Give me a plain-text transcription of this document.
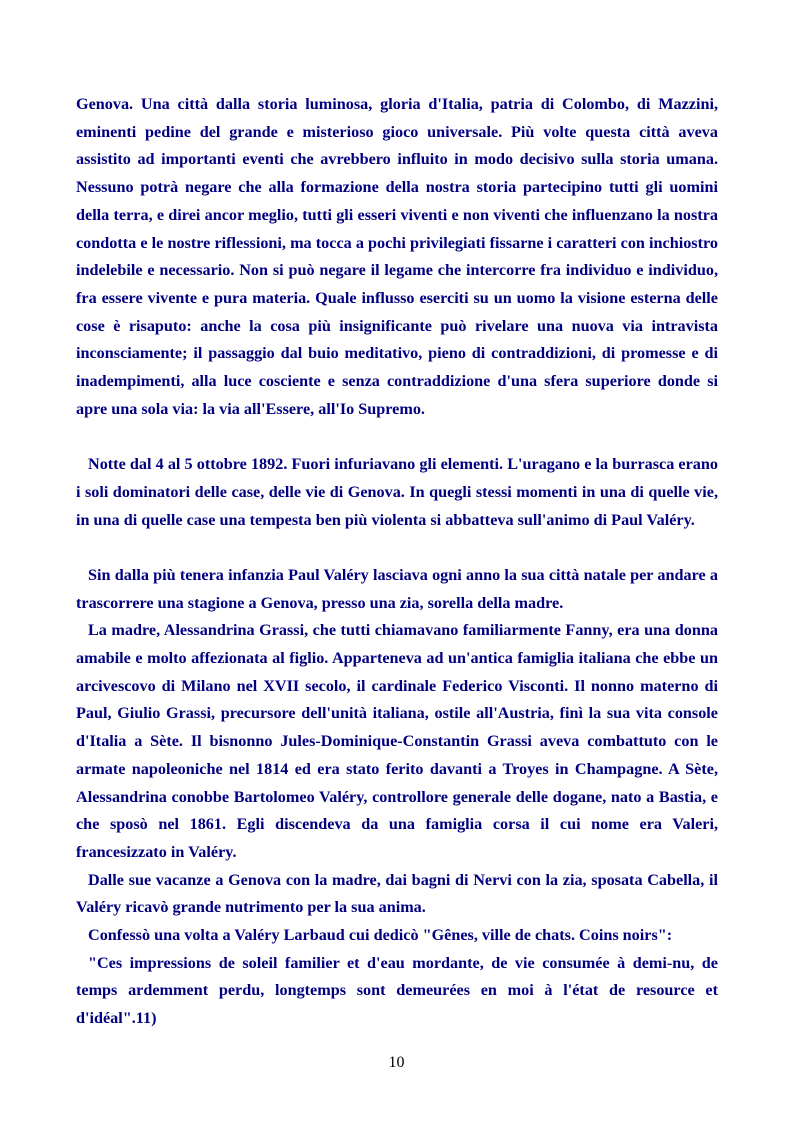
Genova. Una città dalla storia luminosa, gloria d'Italia, patria di Colombo, di Mazzini, eminenti pedine del grande e misterioso gioco universale. Più volte questa città aveva assistito ad importanti eventi che avrebbero influito in modo decisivo sulla storia umana. Nessuno potrà negare che alla formazione della nostra storia partecipino tutti gli uomini della terra, e direi ancor meglio, tutti gli esseri viventi e non viventi che influenzano la nostra condotta e le nostre riflessioni, ma tocca a pochi privilegiati fissarne i caratteri con inchiostro indelebile e necessario. Non si può negare il legame che intercorre fra individuo e individuo, fra essere vivente e pura materia. Quale influsso eserciti su un uomo la visione esterna delle cose è risaputo: anche la cosa più insignificante può rivelare una nuova via intravista inconsciamente; il passaggio dal buio meditativo, pieno di contraddizioni, di promesse e di inadempimenti, alla luce cosciente e senza contraddizione d'una sfera superiore donde si apre una sola via: la via all'Essere, all'Io Supremo.

Notte dal 4 al 5 ottobre 1892. Fuori infuriavano gli elementi. L'uragano e la burrasca erano i soli dominatori delle case, delle vie di Genova. In quegli stessi momenti in una di quelle vie, in una di quelle case una tempesta ben più violenta si abbatteva sull'animo di Paul Valéry.

Sin dalla più tenera infanzia Paul Valéry lasciava ogni anno la sua città natale per andare a trascorrere una stagione a Genova, presso una zia, sorella della madre.

La madre, Alessandrina Grassi, che tutti chiamavano familiarmente Fanny, era una donna amabile e molto affezionata al figlio. Apparteneva ad un'antica famiglia italiana che ebbe un arcivescovo di Milano nel XVII secolo, il cardinale Federico Visconti. Il nonno materno di Paul, Giulio Grassi, precursore dell'unità italiana, ostile all'Austria, finì la sua vita console d'Italia a Sète. Il bisnonno Jules-Dominique-Constantin Grassi aveva combattuto con le armate napoleoniche nel 1814 ed era stato ferito davanti a Troyes in Champagne. A Sète, Alessandrina conobbe Bartolomeo Valéry, controllore generale delle dogane, nato a Bastia, e che sposò nel 1861. Egli discendeva da una famiglia corsa il cui nome era Valeri, francesizzato in Valéry.

Dalle sue vacanze a Genova con la madre, dai bagni di Nervi con la zia, sposata Cabella, il Valéry ricavò grande nutrimento per la sua anima.

Confessò una volta a Valéry Larbaud cui dedicò "Gênes, ville de chats. Coins noirs":

"Ces impressions de soleil familier et d'eau mordante, de vie consumée à demi-nu, de temps ardemment perdu, longtemps sont demeurées en moi à l'état de resource et d'idéal".11)

10
